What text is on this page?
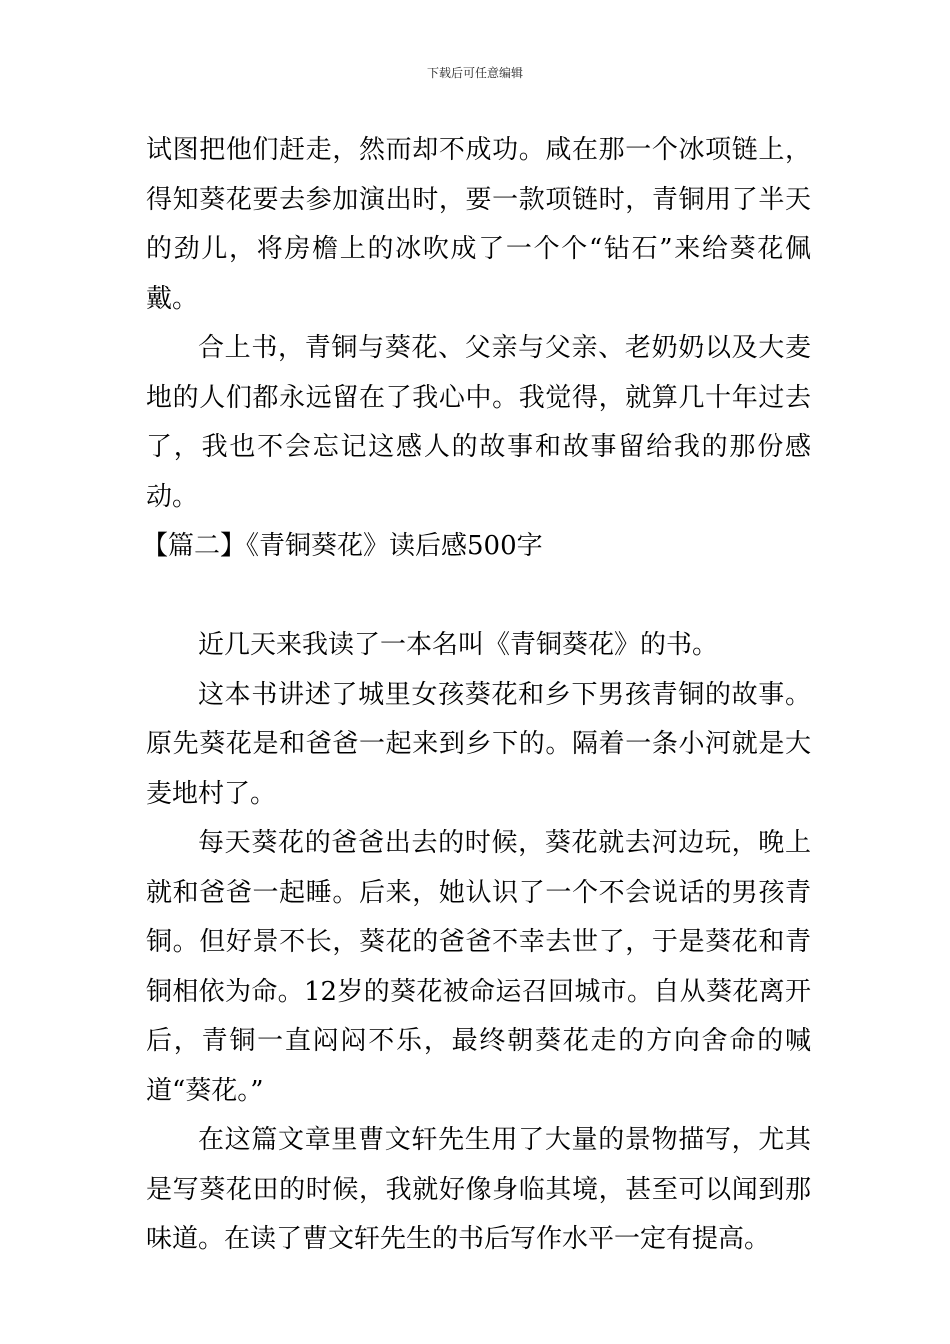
下载后可任意编辑

试图把他们赶走，然而却不成功。咸在那一个冰项链上，得知葵花要去参加演出时，要一款项链时，青铜用了半天的劲儿，将房檐上的冰吹成了一个个“钻石”来给葵花佩戴。

合上书，青铜与葵花、父亲与父亲、老奶奶以及大麦地的人们都永远留在了我心中。我觉得，就算几十年过去了，我也不会忘记这感人的故事和故事留给我的那份感动。

【篇二】《青铜葵花》读后感500字

近几天来我读了一本名叫《青铜葵花》的书。

这本书讲述了城里女孩葵花和乡下男孩青铜的故事。原先葵花是和爸爸一起来到乡下的。隔着一条小河就是大麦地村了。

每天葵花的爸爸出去的时候，葵花就去河边玩，晚上就和爸爸一起睡。后来，她认识了一个不会说话的男孩青铜。但好景不长，葵花的爸爸不幸去世了，于是葵花和青铜相依为命。12岁的葵花被命运召回城市。自从葵花离开后，青铜一直闷闷不乐，最终朝葵花走的方向舍命的喊道“葵花。”

在这篇文章里曹文轩先生用了大量的景物描写，尤其是写葵花田的时候，我就好像身临其境，甚至可以闻到那味道。在读了曹文轩先生的书后写作水平一定有提高。
